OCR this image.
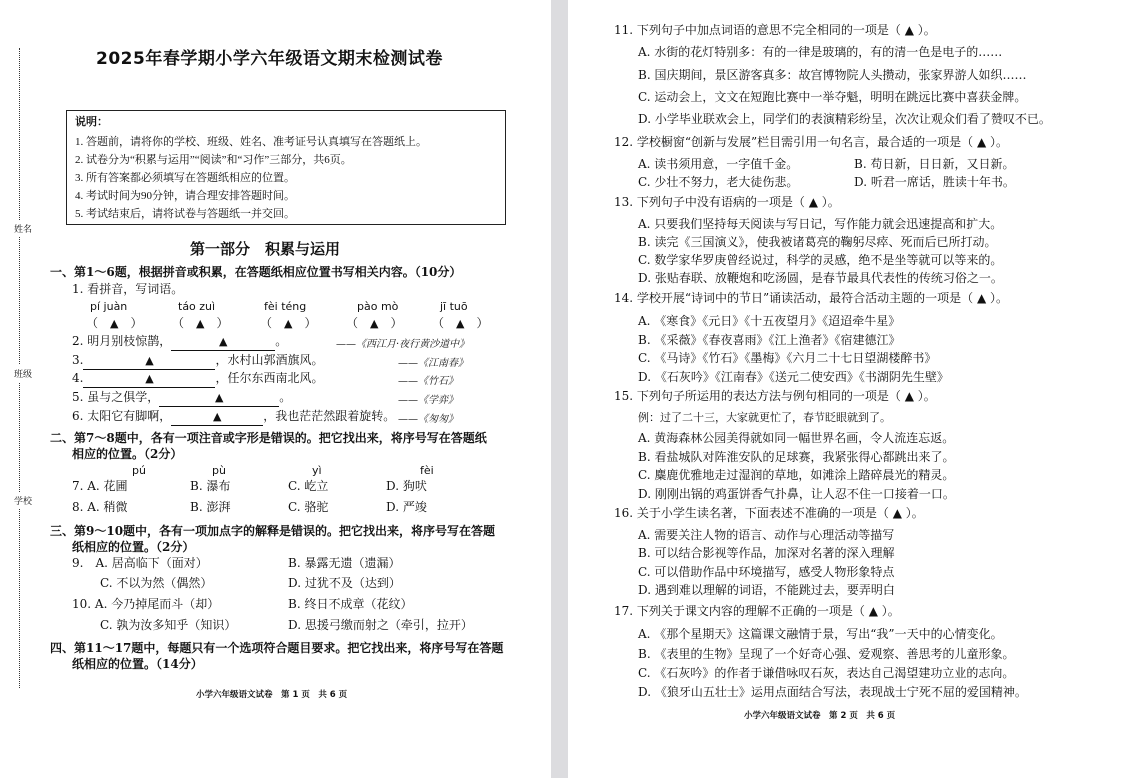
姓名
班级
学校
2025年春学期小学六年级语文期末检测试卷
说明：
1. 答题前，请将你的学校、班级、姓名、准考证号认真填写在答题纸上。
2. 试卷分为“积累与运用”“阅读”和“习作”三部分，共6页。
3. 所有答案都必须填写在答题纸相应的位置。
4. 考试时间为90分钟，请合理安排答题时间。
5. 考试结束后，请将试卷与答题纸一并交回。
第一部分　积累与运用
一、第1～6题，根据拼音或积累，在答题纸相应位置书写相关内容。（10分）
1. 看拼音，写词语。
pí juàn	táo zuì	fèi téng	pào mò	jī tuō
（　▲　） （　▲　）	（　▲　） （　▲　） （　▲　）
2. 明月别枝惊鹊，	▲	。	——《西江月·夜行黄沙道中》
3.	▲	，水村山郭酒旗风。	——《江南春》
4.	▲	，任尔东西南北风。	——《竹石》
5. 虽与之俱学，	▲	。	——《学弈》
6. 太阳它有脚啊，	▲	，我也茫茫然跟着旋转。 ——《匆匆》
二、第7～8题中，各有一项注音或字形是错误的。把它找出来，将序号写在答题纸
相应的位置。（2分）
pú	pù	yì	fèi
7. A. 花圃	B. 瀑布	C. 屹立	D. 狗吠
8. A. 稍微	B. 澎湃	C. 骆驼	D. 严竣
三、第9～10题中，各有一项加点字的解释是错误的。把它找出来，将序号写在答题
纸相应的位置。（2分）
9.　A. 居高临下（面对）	B. 暴露无遗（遗漏）
C. 不以为然（偶然）	D. 过犹不及（达到）
10. A. 今乃掉尾而斗（却）	B. 终日不成章（花纹）
C. 孰为汝多知乎（知识）	D. 思援弓缴而射之（牵引，拉开）
四、第11～17题中，每题只有一个选项符合题目要求。把它找出来，将序号写在答题
纸相应的位置。（14分）
小学六年级语文试卷　第 1 页　共 6 页
11. 下列句子中加点词语的意思不完全相同的一项是（ ▲ ）。
A. 水街的花灯特别多：有的一律是玻璃的，有的清一色是电子的……
B. 国庆期间，景区游客真多：故宫博物院人头攒动，张家界游人如织……
C. 运动会上，文文在短跑比赛中一举夺魁，明明在跳远比赛中喜获金牌。
D. 小学毕业联欢会上，同学们的表演精彩纷呈，次次让观众们看了赞叹不已。
12. 学校橱窗“创新与发展”栏目需引用一句名言，最合适的一项是（ ▲ ）。
A. 读书须用意，一字值千金。	B. 苟日新，日日新，又日新。
C. 少壮不努力，老大徒伤悲。	D. 听君一席话，胜读十年书。
13. 下列句子中没有语病的一项是（ ▲ ）。
A. 只要我们坚持每天阅读与写日记，写作能力就会迅速提高和扩大。
B. 读完《三国演义》，使我被诸葛亮的鞠躬尽瘁、死而后已所打动。
C. 数学家华罗庚曾经说过，科学的灵感，绝不是坐等就可以等来的。
D. 张贴春联、放鞭炮和吃汤圆，是春节最具代表性的传统习俗之一。
14. 学校开展“诗词中的节日”诵读活动，最符合活动主题的一项是（ ▲ ）。
A. 《寒食》《元日》《十五夜望月》《迢迢牵牛星》
B. 《采薇》《春夜喜雨》《江上渔者》《宿建德江》
C. 《马诗》《竹石》《墨梅》《六月二十七日望湖楼醉书》
D. 《石灰吟》《江南春》《送元二使安西》《书湖阴先生壁》
15. 下列句子所运用的表达方法与例句相同的一项是（ ▲ ）。
例：过了二十三，大家就更忙了，春节眨眼就到了。
A. 黄海森林公园美得就如同一幅世界名画，令人流连忘返。
B. 看盐城队对阵淮安队的足球赛，我紧张得心都跳出来了。
C. 麋鹿优雅地走过湿润的草地，如滩涂上踏碎晨光的精灵。
D. 刚刚出锅的鸡蛋饼香气扑鼻，让人忍不住一口接着一口。
16. 关于小学生读名著，下面表述不准确的一项是（ ▲ ）。
A. 需要关注人物的语言、动作与心理活动等描写
B. 可以结合影视等作品，加深对名著的深入理解
C. 可以借助作品中环境描写，感受人物形象特点
D. 遇到难以理解的词语，不能跳过去，要弄明白
17. 下列关于课文内容的理解不正确的一项是（ ▲ ）。
A. 《那个星期天》这篇课文融情于景，写出“我”一天中的心情变化。
B. 《表里的生物》呈现了一个好奇心强、爱观察、善思考的儿童形象。
C. 《石灰吟》的作者于谦借咏叹石灰，表达自己渴望建功立业的志向。
D. 《狼牙山五壮士》运用点面结合写法，表现战士宁死不屈的爱国精神。
小学六年级语文试卷　第 2 页　共 6 页
